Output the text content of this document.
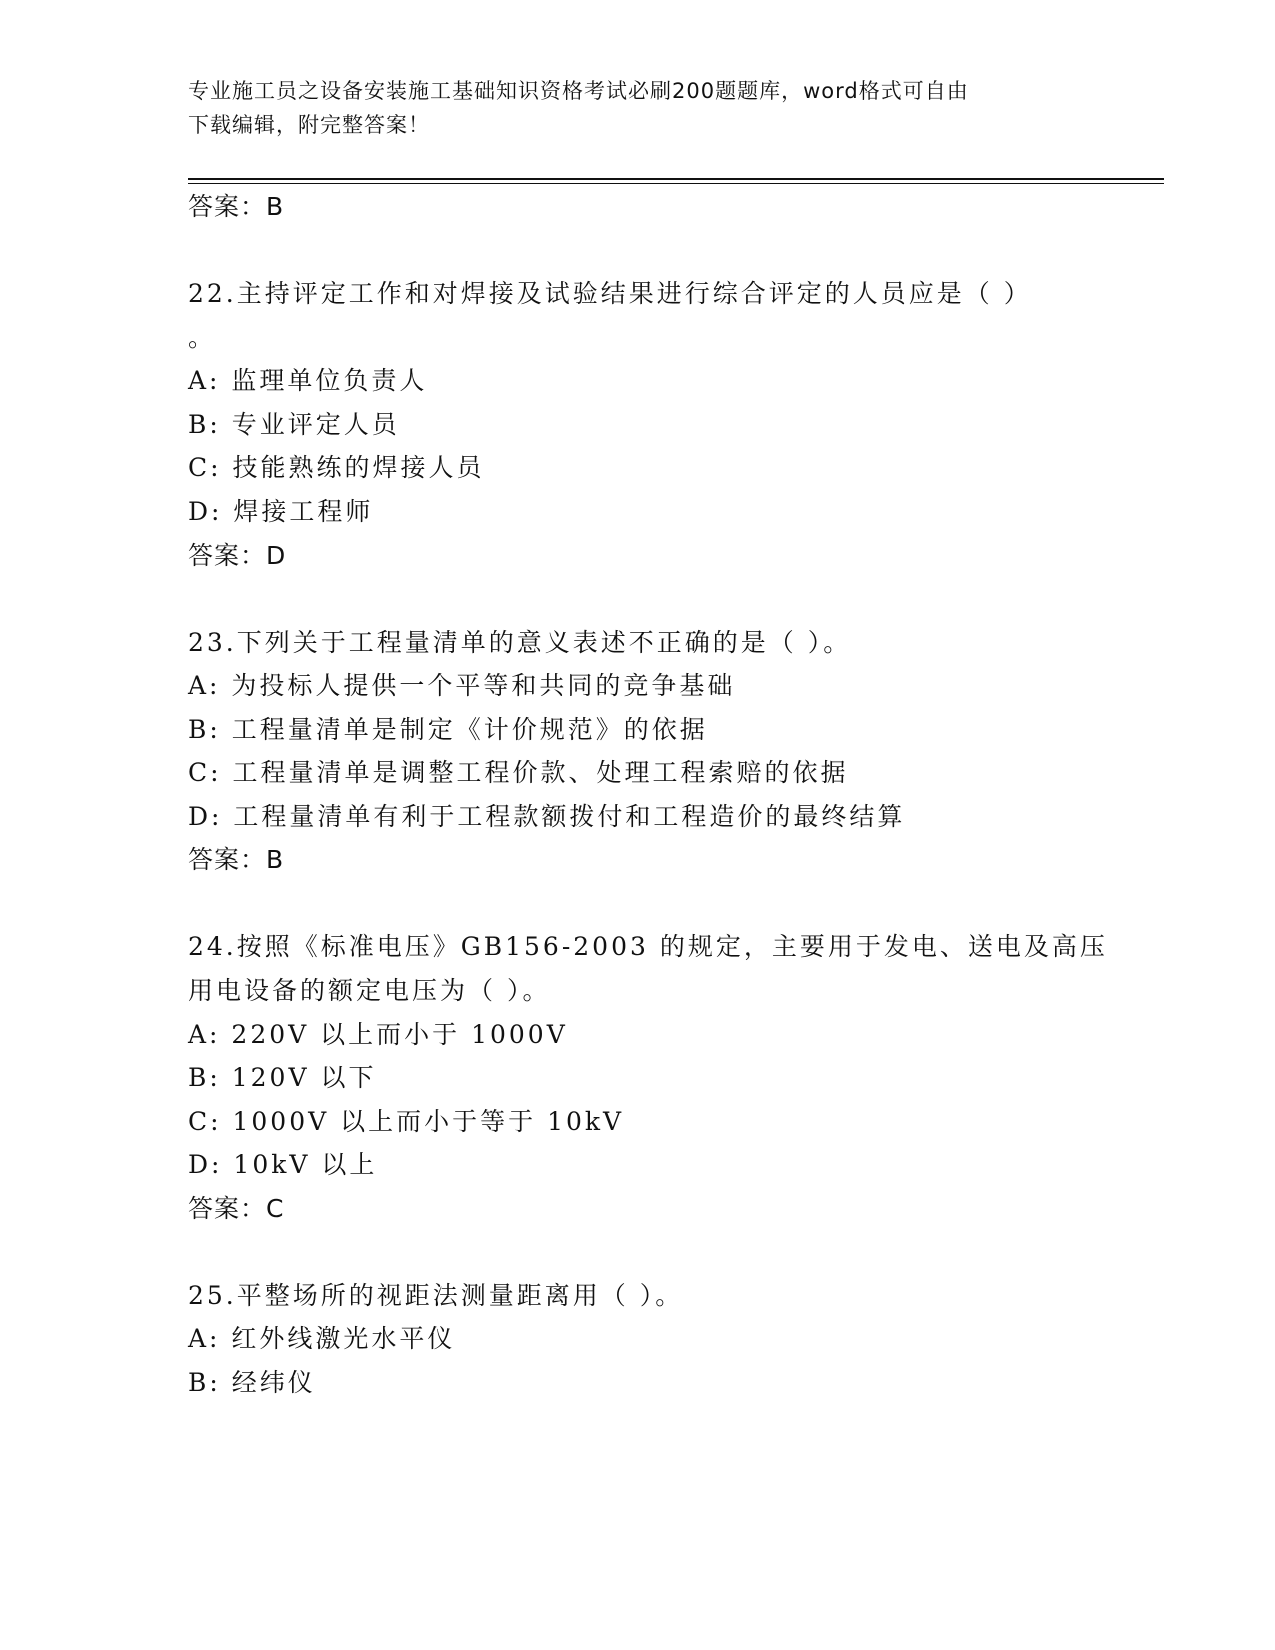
专业施工员之设备安装施工基础知识资格考试必刷200题题库，word格式可自由
下载编辑，附完整答案！
答案：B
22.主持评定工作和对焊接及试验结果进行综合评定的人员应是（ ）
。
A: 监理单位负责人
B: 专业评定人员
C: 技能熟练的焊接人员
D: 焊接工程师
答案：D
23.下列关于工程量清单的意义表述不正确的是（ ）。
A: 为投标人提供一个平等和共同的竞争基础
B: 工程量清单是制定《计价规范》的依据
C: 工程量清单是调整工程价款、处理工程索赔的依据
D: 工程量清单有利于工程款额拨付和工程造价的最终结算
答案：B
24.按照《标准电压》GB156-2003 的规定，主要用于发电、送电及高压
用电设备的额定电压为（ ）。
A: 220V 以上而小于 1000V
B: 120V 以下
C: 1000V 以上而小于等于 10kV
D: 10kV 以上
答案：C
25.平整场所的视距法测量距离用（ ）。
A: 红外线激光水平仪
B: 经纬仪
